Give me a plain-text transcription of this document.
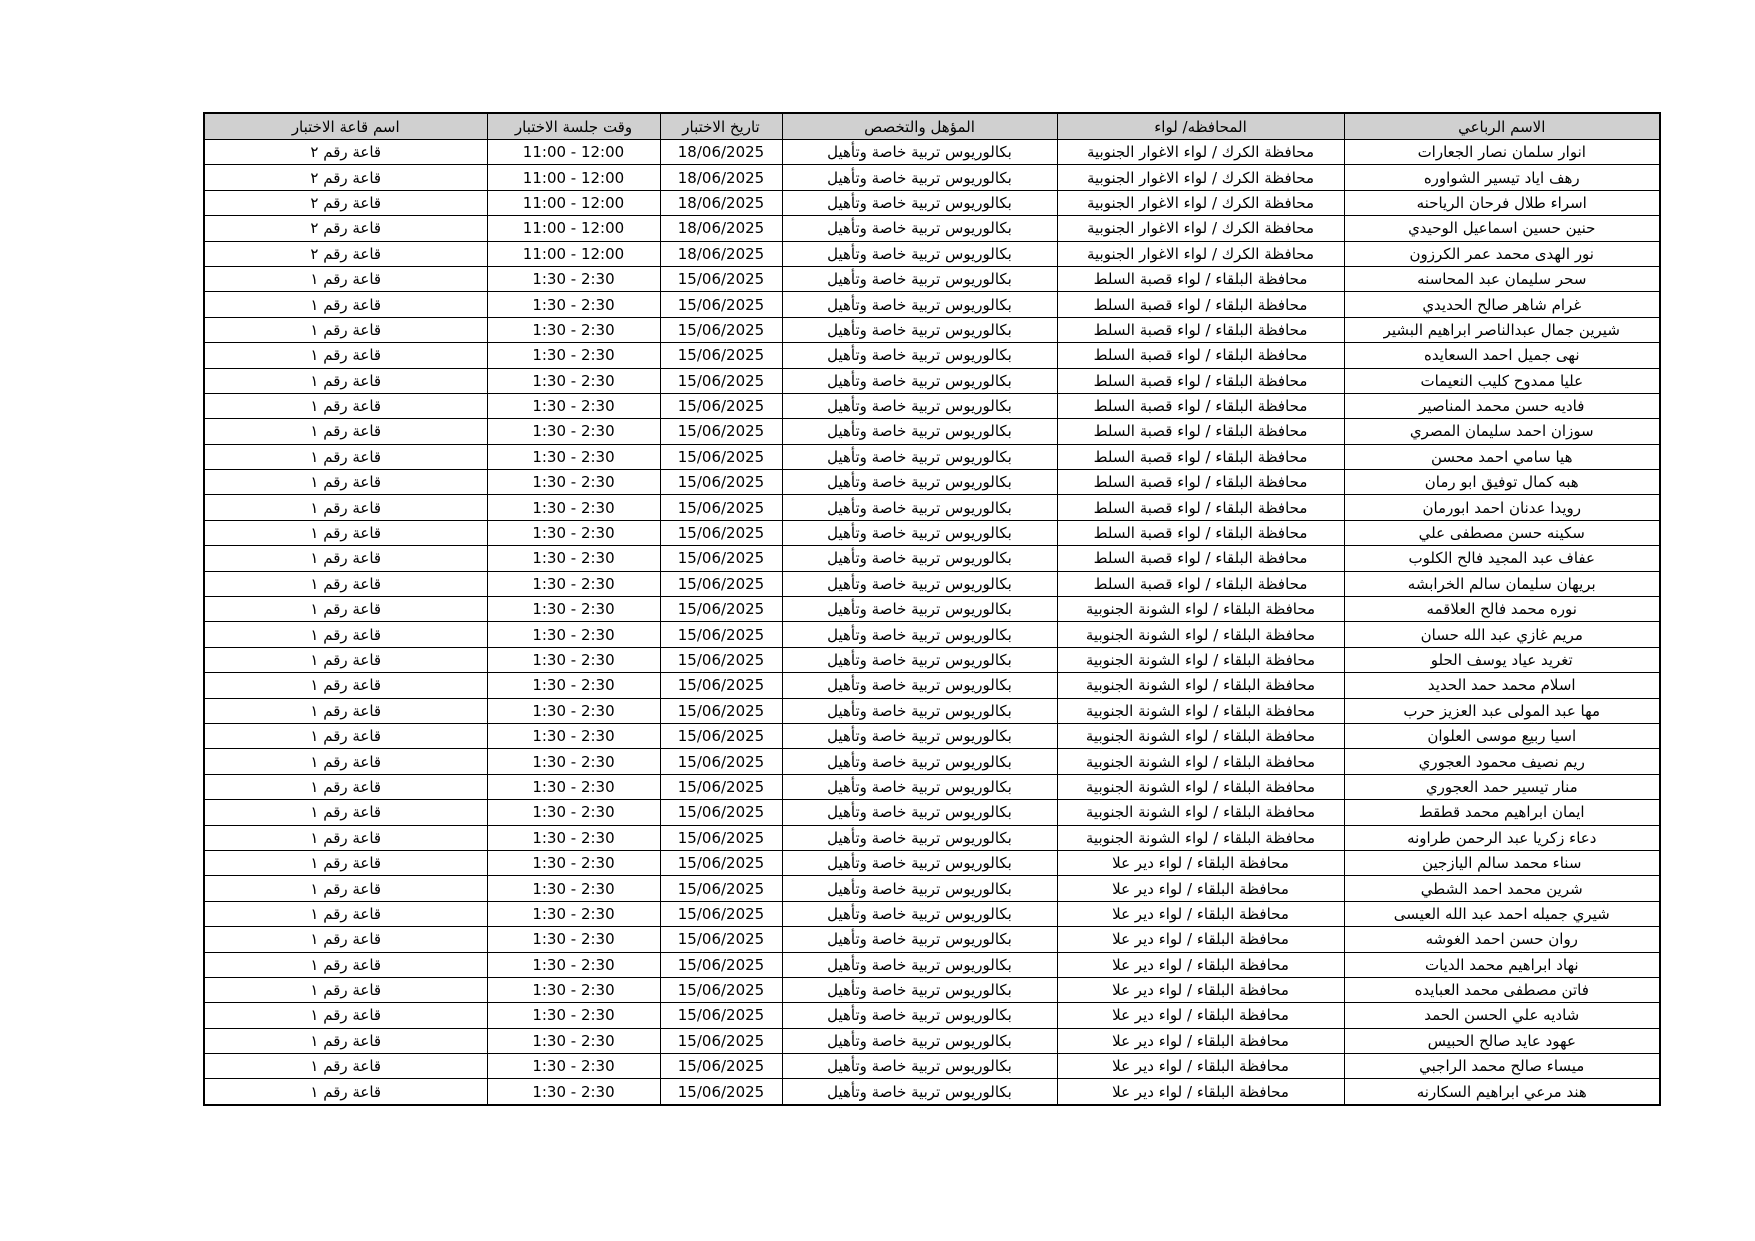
الاسم الرباعي	المحافظه/ لواء	المؤهل والتخصص	تاريخ الاختبار	وقت جلسة الاختبار	اسم قاعة الاختبار
انوار سلمان نصار الجعارات	محافظة الكرك / لواء الاغوار الجنوبية	بكالوريوس تربية خاصة وتأهيل	18/06/2025	11:00 - 12:00	قاعة رقم ٢
رهف اياد تيسير الشواوره	محافظة الكرك / لواء الاغوار الجنوبية	بكالوريوس تربية خاصة وتأهيل	18/06/2025	11:00 - 12:00	قاعة رقم ٢
اسراء طلال فرحان الرياحنه	محافظة الكرك / لواء الاغوار الجنوبية	بكالوريوس تربية خاصة وتأهيل	18/06/2025	11:00 - 12:00	قاعة رقم ٢
حنين حسين اسماعيل الوحيدي	محافظة الكرك / لواء الاغوار الجنوبية	بكالوريوس تربية خاصة وتأهيل	18/06/2025	11:00 - 12:00	قاعة رقم ٢
نور الهدى محمد عمر الكرزون	محافظة الكرك / لواء الاغوار الجنوبية	بكالوريوس تربية خاصة وتأهيل	18/06/2025	11:00 - 12:00	قاعة رقم ٢
سحر سليمان عبد المحاسنه	محافظة البلقاء / لواء قصبة السلط	بكالوريوس تربية خاصة وتأهيل	15/06/2025	1:30 - 2:30	قاعة رقم ١
غرام شاهر صالح الحديدي	محافظة البلقاء / لواء قصبة السلط	بكالوريوس تربية خاصة وتأهيل	15/06/2025	1:30 - 2:30	قاعة رقم ١
شيرين جمال عبدالناصر ابراهيم البشير	محافظة البلقاء / لواء قصبة السلط	بكالوريوس تربية خاصة وتأهيل	15/06/2025	1:30 - 2:30	قاعة رقم ١
نهى جميل احمد السعايده	محافظة البلقاء / لواء قصبة السلط	بكالوريوس تربية خاصة وتأهيل	15/06/2025	1:30 - 2:30	قاعة رقم ١
عليا ممدوح كليب النعيمات	محافظة البلقاء / لواء قصبة السلط	بكالوريوس تربية خاصة وتأهيل	15/06/2025	1:30 - 2:30	قاعة رقم ١
فاديه حسن محمد المناصير	محافظة البلقاء / لواء قصبة السلط	بكالوريوس تربية خاصة وتأهيل	15/06/2025	1:30 - 2:30	قاعة رقم ١
سوزان احمد سليمان المصري	محافظة البلقاء / لواء قصبة السلط	بكالوريوس تربية خاصة وتأهيل	15/06/2025	1:30 - 2:30	قاعة رقم ١
هيا سامي احمد محسن	محافظة البلقاء / لواء قصبة السلط	بكالوريوس تربية خاصة وتأهيل	15/06/2025	1:30 - 2:30	قاعة رقم ١
هبه كمال توفيق ابو رمان	محافظة البلقاء / لواء قصبة السلط	بكالوريوس تربية خاصة وتأهيل	15/06/2025	1:30 - 2:30	قاعة رقم ١
رويدا عدنان احمد ابورمان	محافظة البلقاء / لواء قصبة السلط	بكالوريوس تربية خاصة وتأهيل	15/06/2025	1:30 - 2:30	قاعة رقم ١
سكينه حسن مصطفى علي	محافظة البلقاء / لواء قصبة السلط	بكالوريوس تربية خاصة وتأهيل	15/06/2025	1:30 - 2:30	قاعة رقم ١
عفاف عبد المجيد فالح الكلوب	محافظة البلقاء / لواء قصبة السلط	بكالوريوس تربية خاصة وتأهيل	15/06/2025	1:30 - 2:30	قاعة رقم ١
بريهان سليمان سالم الخرابشه	محافظة البلقاء / لواء قصبة السلط	بكالوريوس تربية خاصة وتأهيل	15/06/2025	1:30 - 2:30	قاعة رقم ١
نوره محمد فالح العلاقمه	محافظة البلقاء / لواء الشونة الجنوبية	بكالوريوس تربية خاصة وتأهيل	15/06/2025	1:30 - 2:30	قاعة رقم ١
مريم غازي عبد الله حسان	محافظة البلقاء / لواء الشونة الجنوبية	بكالوريوس تربية خاصة وتأهيل	15/06/2025	1:30 - 2:30	قاعة رقم ١
تغريد عياد يوسف الحلو	محافظة البلقاء / لواء الشونة الجنوبية	بكالوريوس تربية خاصة وتأهيل	15/06/2025	1:30 - 2:30	قاعة رقم ١
اسلام محمد حمد الحديد	محافظة البلقاء / لواء الشونة الجنوبية	بكالوريوس تربية خاصة وتأهيل	15/06/2025	1:30 - 2:30	قاعة رقم ١
مها عبد المولى عبد العزيز حرب	محافظة البلقاء / لواء الشونة الجنوبية	بكالوريوس تربية خاصة وتأهيل	15/06/2025	1:30 - 2:30	قاعة رقم ١
اسيا ربيع موسى العلوان	محافظة البلقاء / لواء الشونة الجنوبية	بكالوريوس تربية خاصة وتأهيل	15/06/2025	1:30 - 2:30	قاعة رقم ١
ريم نصيف محمود العجوري	محافظة البلقاء / لواء الشونة الجنوبية	بكالوريوس تربية خاصة وتأهيل	15/06/2025	1:30 - 2:30	قاعة رقم ١
منار تيسير حمد العجوري	محافظة البلقاء / لواء الشونة الجنوبية	بكالوريوس تربية خاصة وتأهيل	15/06/2025	1:30 - 2:30	قاعة رقم ١
ايمان ابراهيم محمد قطقط	محافظة البلقاء / لواء الشونة الجنوبية	بكالوريوس تربية خاصة وتأهيل	15/06/2025	1:30 - 2:30	قاعة رقم ١
دعاء زكريا عبد الرحمن طراونه	محافظة البلقاء / لواء الشونة الجنوبية	بكالوريوس تربية خاصة وتأهيل	15/06/2025	1:30 - 2:30	قاعة رقم ١
سناء محمد سالم اليازجين	محافظة البلقاء / لواء دير علا	بكالوريوس تربية خاصة وتأهيل	15/06/2025	1:30 - 2:30	قاعة رقم ١
شرين محمد احمد الشطي	محافظة البلقاء / لواء دير علا	بكالوريوس تربية خاصة وتأهيل	15/06/2025	1:30 - 2:30	قاعة رقم ١
شيري جميله احمد عبد الله العيسى	محافظة البلقاء / لواء دير علا	بكالوريوس تربية خاصة وتأهيل	15/06/2025	1:30 - 2:30	قاعة رقم ١
روان حسن احمد الغوشه	محافظة البلقاء / لواء دير علا	بكالوريوس تربية خاصة وتأهيل	15/06/2025	1:30 - 2:30	قاعة رقم ١
نهاد ابراهيم محمد الديات	محافظة البلقاء / لواء دير علا	بكالوريوس تربية خاصة وتأهيل	15/06/2025	1:30 - 2:30	قاعة رقم ١
فاتن مصطفى محمد العبايده	محافظة البلقاء / لواء دير علا	بكالوريوس تربية خاصة وتأهيل	15/06/2025	1:30 - 2:30	قاعة رقم ١
شاديه علي الحسن الحمد	محافظة البلقاء / لواء دير علا	بكالوريوس تربية خاصة وتأهيل	15/06/2025	1:30 - 2:30	قاعة رقم ١
عهود عايد صالح الحبيس	محافظة البلقاء / لواء دير علا	بكالوريوس تربية خاصة وتأهيل	15/06/2025	1:30 - 2:30	قاعة رقم ١
ميساء صالح محمد الراجبي	محافظة البلقاء / لواء دير علا	بكالوريوس تربية خاصة وتأهيل	15/06/2025	1:30 - 2:30	قاعة رقم ١
هند مرعي ابراهيم السكارنه	محافظة البلقاء / لواء دير علا	بكالوريوس تربية خاصة وتأهيل	15/06/2025	1:30 - 2:30	قاعة رقم ١
